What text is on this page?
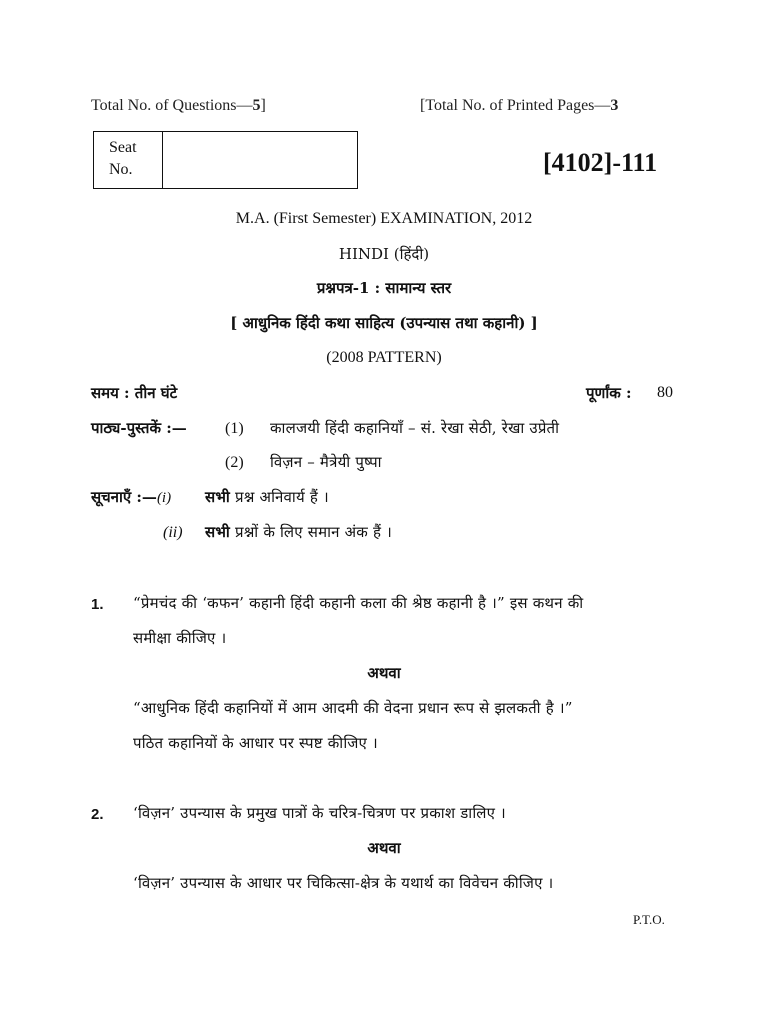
Total No. of Questions—5]	[Total No. of Printed Pages—3
Seat
No.	[4102]-111
M.A. (First Semester) EXAMINATION, 2012
HINDI (हिंदी)
प्रश्नपत्र-1 : सामान्य स्तर
[ आधुनिक हिंदी कथा साहित्य (उपन्यास तथा कहानी) ]
(2008 PATTERN)
समय : तीन घंटे	पूर्णांक : 80
पाठ्य-पुस्तकें :— (1) कालजयी हिंदी कहानियाँ – सं. रेखा सेठी, रेखा उप्रेती
(2) विज़न – मैत्रेयी पुष्पा
सूचनाएँ :—(i) सभी प्रश्न अनिवार्य हैं ।
(ii) सभी प्रश्नों के लिए समान अंक हैं ।
1. “प्रेमचंद की ‘कफन’ कहानी हिंदी कहानी कला की श्रेष्ठ कहानी है ।” इस कथन की
समीक्षा कीजिए ।
अथवा
“आधुनिक हिंदी कहानियों में आम आदमी की वेदना प्रधान रूप से झलकती है ।”
पठित कहानियों के आधार पर स्पष्ट कीजिए ।
2. ‘विज़न’ उपन्यास के प्रमुख पात्रों के चरित्र-चित्रण पर प्रकाश डालिए ।
अथवा
‘विज़न’ उपन्यास के आधार पर चिकित्सा-क्षेत्र के यथार्थ का विवेचन कीजिए ।
P.T.O.
